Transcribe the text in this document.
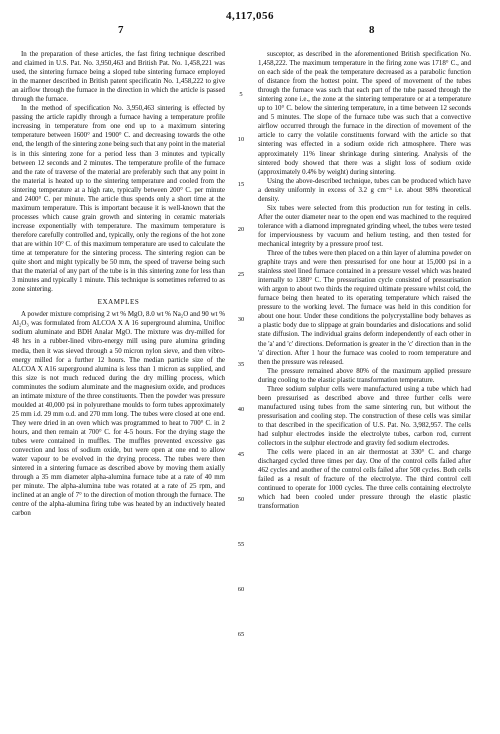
4,117,056
7	8

In the preparation of these articles, the fast firing technique described and claimed in U.S. Pat. No. 3,950,463 and British Pat. No. 1,458,221 was used, the sintering furnace being a sloped tube sintering furnace employed in the manner described in British patent specificatin No. 1,458,222 to give an airflow through the furnace in the direction in which the article is passed through the furnace.

In the method of specification No. 3,950,463 sintering is effected by passing the article rapidly through a furnace having a temperature profile increasing in temperature from one end up to a maximum sintering temperature between 1600° and 1900° C. and decreasing towards the othe end, the length of the sintering zone being such that any point in the material is in this sintering zone for a period less than 3 minutes and typically between 12 seconds and 2 minutes. The temperature profile of the furnace and the rate of traverse of the material are preferably such that any point in the material is heated up to the sintering temperature and cooled from the sintering temperature at a high rate, typically between 200° C. per minute and 2400° C. per minute. The article thus spends only a short time at the maximum temperature. This is important because it is well-known that the processes which cause grain growth and sintering in ceramic materials increase exponentially with temperature. The maximum temperature is therefore carefully controlled and, typically, only the regions of the hot zone that are within 10° C. of this maximum temperature are used to calculate the time at temperature for the sintering process. The sintering region can be quite short and might typically be 50 mm, the speed of traverse being such that the material of any part of the tube is in this sintering zone for less than 3 minutes and typically 1 minute. This technique is sometimes referred to as zone sintering.

EXAMPLES

A powder mixture comprising 2 wt % MgO, 8.0 wt % Na₂O and 90 wt % Al₂O₃ was formulated from ALCOA X A 16 superground alumina, Unifloc sodium aluminate and BDH Analar MgO. The mixture was dry-milled for 48 hrs in a rubber-lined vibro-energy mill using pure alumina grinding media, then it was sieved through a 50 micron nylon sieve, and then vibro-energy milled for a further 12 hours. The median particle size of the ALCOA X A16 superground alumina is less than 1 micron as supplied, and this size is not much reduced during the dry milling process, which comminutes the sodium aluminate and the magnesium oxide, and produces an intimate mixture of the three constituents. Then the powder was pressure moulded at 40,000 psi in polyurethane moulds to form tubes approximately 25 mm i.d. 29 mm o.d. and 270 mm long. The tubes were closed at one end. They were dried in an oven which was programmed to heat to 700° C. in 2 hours, and then remain at 700° C. for 4-5 hours. For the drying stage the tubes were contained in muffles. The muffles prevented excessive gas convection and loss of sodium oxide, but were open at one end to allow water vapour to be evolved in the drying process. The tubes were then sintered in a sintering furnace as described above by moving them axially through a 35 mm diameter alpha-alumina furnace tube at a rate of 40 mm per minute. The alpha-alumina tube was rotated at a rate of 25 rpm, and inclined at an angle of 7° to the direction of motion through the furnace. The centre of the alpha-alumina firing tube was heated by an inductively heated carbon

5
10
15
20
25
30
35
40
45
50
55
60
65

susceptor, as described in the aforementioned British specification No. 1,458,222. The maximum temperature in the firing zone was 1718° C., and on each side of the peak the temperature decreased as a parabolic function of distance from the hottest point. The speed of movement of the tubes through the furnace was such that each part of the tube passed through the sintering zone i.e., the zone at the sintering temperature or at a temperature up to 10° C. below the sintering temperature, in a time between 12 seconds and 5 minutes. The slope of the furnace tube was such that a convective airflow occurred through the furnace in the direction of movement of the article to carry the volatile constituents forward with the article so that sintering was effected in a sodium oxide rich atmosphere. There was approximately 11% linear shrinkage during sintering. Analysis of the sintered body showed that there was a slight loss of sodium oxide (approximately 0.4% by weight) during sintering.

Using the above-described technique, tubes can be produced which have a density uniformly in excess of 3.2 g cm⁻³ i.e. about 98% theoretical density.

Six tubes were selected from this production run for testing in cells. After the outer diameter near to the open end was machined to the required tolerance with a diamond impregnated grinding wheel, the tubes were tested for imperviousness by vacuum and helium testing, and then tested for mechanical integrity by a pressure proof test.

Three of the tubes were then placed on a thin layer of alumina powder on graphite trays and were then pressurised for one hour at 15,000 psi in a stainless steel lined furnace contained in a pressure vessel which was heated internally to 1380° C. The pressurisation cycle consisted of pressurisation with argon to about two thirds the required ultimate pressure whilst cold, the furnace being then heated to its operating temperature which raised the pressure to the working level. The furnace was held in this condition for about one hour. Under these conditions the polycrystalline body behaves as a plastic body due to slippage at grain boundaries and dislocations and solid state diffusion. The individual grains deform independently of each other in the 'a' and 'c' directions. Deformation is greater in the 'c' direction than in the 'a' direction. After 1 hour the furnace was cooled to room temperature and then the pressure was released.

The pressure remained above 80% of the maximum applied pressure during cooling to the elastic plastic transformation temperature.

Three sodium sulphur cells were manufactured using a tube which had been pressurised as described above and three further cells were manufactured using tubes from the same sintering run, but without the pressurisation and cooling step. The construction of these cells was similar to that described in the specification of U.S. Pat. No. 3,982,957. The cells had sulphur electrodes inside the electrolyte tubes, carbon rod, current collectors in the sulphur electrode and gravity fed sodium electrodes.

The cells were placed in an air thermostat at 330° C. and charge discharged cycled three times per day. One of the control cells failed after 462 cycles and another of the control cells failed after 508 cycles. Both cells failed as a result of fracture of the electrolyte. The third control cell continued to operate for 1000 cycles. The three cells containing electrolyte which had been cooled under pressure through the elastic plastic transformation
